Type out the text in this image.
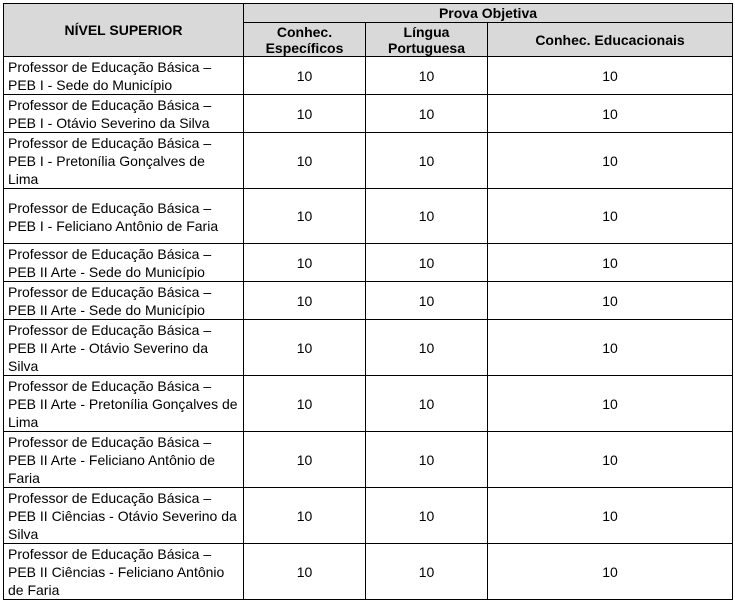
NÍVEL SUPERIOR	Prova Objetiva		
	Conhec. Específicos	Língua Portuguesa	Conhec. Educacionais
Professor de Educação Básica – PEB I - Sede do Município	10	10	10
Professor de Educação Básica – PEB I - Otávio Severino da Silva	10	10	10
Professor de Educação Básica – PEB I - Pretonília Gonçalves de Lima	10	10	10
Professor de Educação Básica – PEB I - Feliciano Antônio de Faria	10	10	10
Professor de Educação Básica – PEB II Arte - Sede do Município	10	10	10
Professor de Educação Básica – PEB II Arte - Sede do Município	10	10	10
Professor de Educação Básica – PEB II Arte - Otávio Severino da Silva	10	10	10
Professor de Educação Básica – PEB II Arte - Pretonília Gonçalves de Lima	10	10	10
Professor de Educação Básica – PEB II Arte - Feliciano Antônio de Faria	10	10	10
Professor de Educação Básica – PEB II Ciências - Otávio Severino da Silva	10	10	10
Professor de Educação Básica – PEB II Ciências - Feliciano Antônio de Faria	10	10	10
